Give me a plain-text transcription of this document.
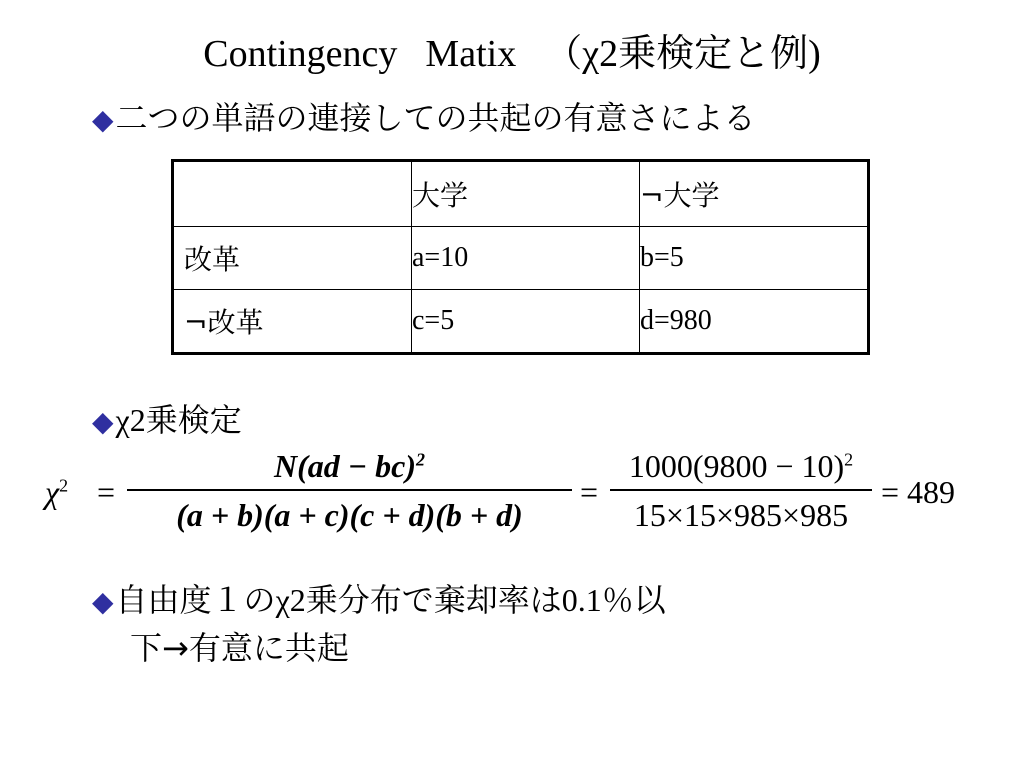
Contingency Matix （χ2乗検定と例)
◆二つの単語の連接しての共起の有意さによる
	大学	¬大学
改革	a=10	b=5
¬改革	c=5	d=980
◆χ2乗検定
$\chi^2$ =
N(ad − bc)$^2$
(a + b)(a + c)(c + d)(b + d)
=
$1000(9800 - 10)^2$
15×15×985×985
= 489
◆自由度１のχ2乗分布で棄却率は0.1％以
下→有意に共起
